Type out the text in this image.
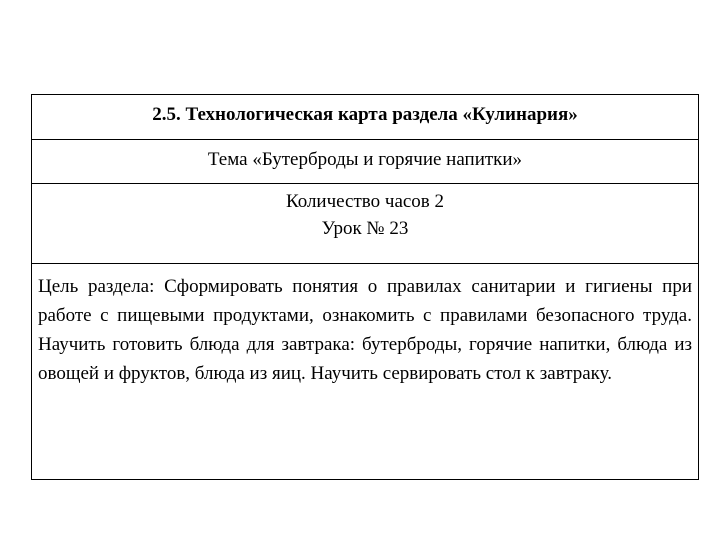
2.5. Технологическая карта раздела «Кулинария»
Тема «Бутерброды и горячие напитки»
Количество часов 2
Урок № 23
Цель раздела: Сформировать понятия о правилах санитарии и гигиены при работе с пищевыми продуктами, ознакомить с правилами безопасного труда. Научить готовить блюда для завтрака: бутерброды, горячие напитки, блюда из овощей и фруктов, блюда из яиц. Научить сервировать стол к завтраку.
